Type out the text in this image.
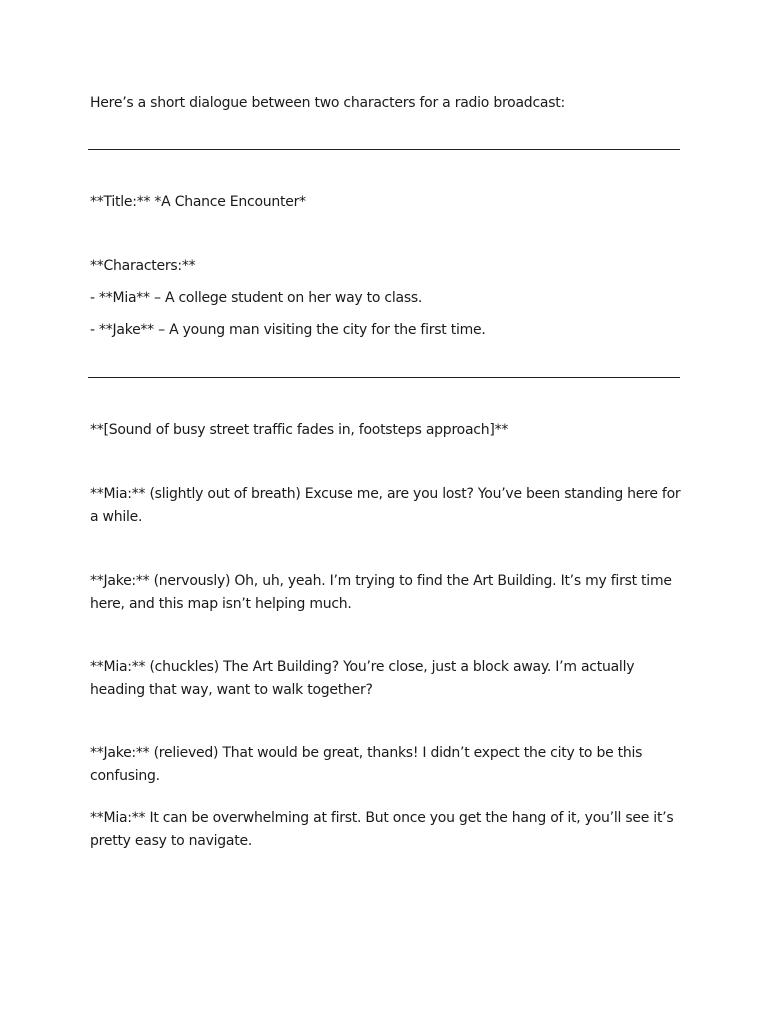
Here’s a short dialogue between two characters for a radio broadcast:

**Title:** *A Chance Encounter*

**Characters:**

- **Mia** – A college student on her way to class.

- **Jake** – A young man visiting the city for the first time.

**[Sound of busy street traffic fades in, footsteps approach]**

**Mia:** (slightly out of breath) Excuse me, are you lost? You’ve been standing here for a while.

**Jake:** (nervously) Oh, uh, yeah. I’m trying to find the Art Building. It’s my first time here, and this map isn’t helping much.

**Mia:** (chuckles) The Art Building? You’re close, just a block away. I’m actually heading that way, want to walk together?

**Jake:** (relieved) That would be great, thanks! I didn’t expect the city to be this confusing.

**Mia:** It can be overwhelming at first. But once you get the hang of it, you’ll see it’s pretty easy to navigate.
